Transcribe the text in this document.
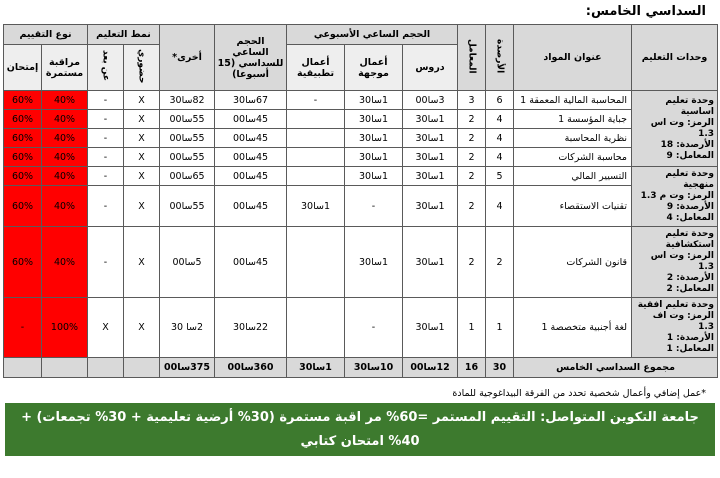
السداسي الخامس:
وحدات التعليم	عنوان المواد	الأرصدة	المعامل	الحجم الساعي الأسبوعي			الحجم الساعي للسداسي (15 أسبوعا)	أخرى*	نمط التعليم		نوع التقييم	
				دروس	أعمال موجهة	أعمال تطبيقية			حضوري	عن بعد	مراقبة مستمرة	إمتحان
وحدة تعليم اساسية
الرمز: وت اس 1.3
الأرصدة: 18
المعامل: 9	المحاسبة المالية المعمقة 1	6	3	3سا00	1سا30	-	67سا30	82سا30	X	-	40%	60%
	جباية المؤسسة 1	4	2	1سا30	1سا30		45سا00	55سا00	X	-	40%	60%
	نظرية المحاسبة	4	2	1سا30	1سا30		45سا00	55سا00	X	-	40%	60%
	محاسبة الشركات	4	2	1سا30	1سا30		45سا00	55سا00	X	-	40%	60%
وحدة تعليم منهجية
الرمز: وت م 1.3
الأرصدة: 9
المعامل: 4	التسيير المالي	5	2	1سا30	1سا30		45سا00	65سا00	X	-	40%	60%
	تقنيات الاستقصاء	4	2	1سا30	-	1سا30	45سا00	55سا00	X	-	40%	60%
وحدة تعليم استكشافية
الرمز: وت اس 1.3
الأرصدة: 2
المعامل: 2	قانون الشركات	2	2	1سا30	1سا30		45سا00	5سا00	X	-	40%	60%
وحدة تعليم افقية
الرمز: وت اف 1.3
الأرصدة: 1
المعامل: 1	لغة أجنبية متخصصة 1	1	1	1سا30	-		22سا30	2سا 30	X	X	100%	-
مجموع السداسي الخامس		30	16	12سا00	10سا30	1سا30	360سا00	375سا00				
*عمل إضافي وأعمال شخصية تحدد من الفرقة البيداغوجية للمادة
جامعة التكوين المتواصل: التقييم المستمر =60% مر اقبة مستمرة (30% أرضية تعليمية + 30% تجمعات) + 40% امتحان كتابي
المواد غير الأساسية وغير التقنية 60% مر اقبة مستمرة (أرضية تعليمية) + 40% امتحان كتابي
